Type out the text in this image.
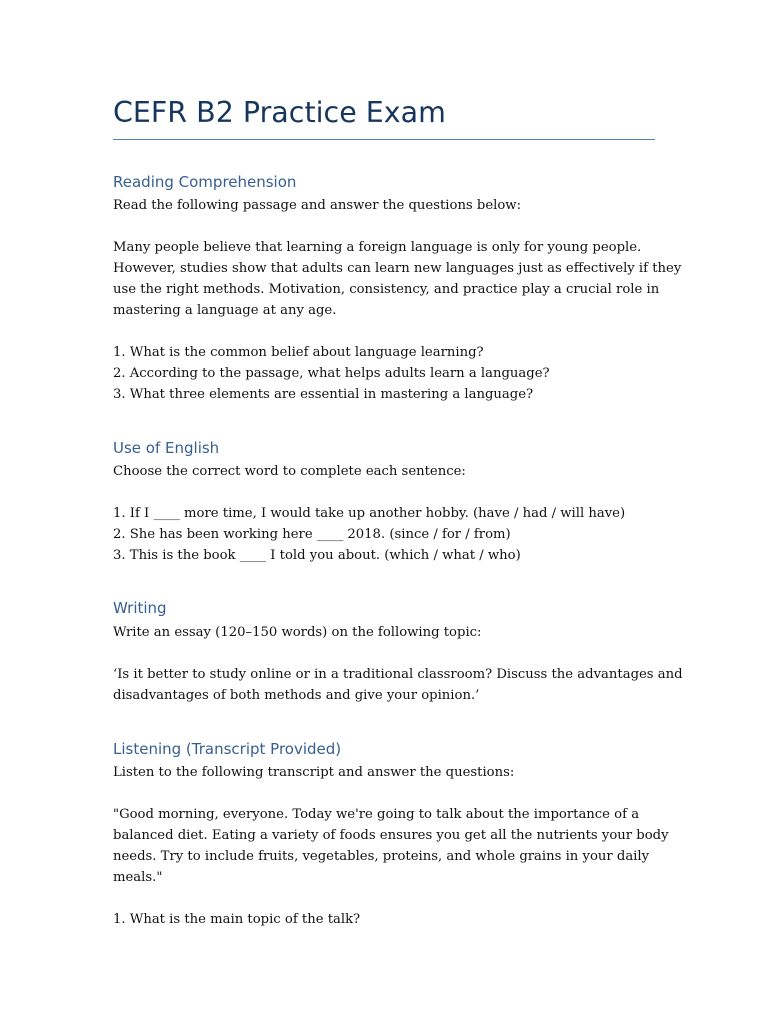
CEFR B2 Practice Exam
Reading Comprehension

Read the following passage and answer the questions below:

Many people believe that learning a foreign language is only for young people.

However, studies show that adults can learn new languages just as effectively if they

use the right methods. Motivation, consistency, and practice play a crucial role in

mastering a language at any age.

1. What is the common belief about language learning?

2. According to the passage, what helps adults learn a language?

3. What three elements are essential in mastering a language?

Use of English

Choose the correct word to complete each sentence:

1. If I ____ more time, I would take up another hobby. (have / had / will have)

2. She has been working here ____ 2018. (since / for / from)

3. This is the book ____ I told you about. (which / what / who)

Writing

Write an essay (120–150 words) on the following topic:

‘Is it better to study online or in a traditional classroom? Discuss the advantages and

disadvantages of both methods and give your opinion.’

Listening (Transcript Provided)

Listen to the following transcript and answer the questions:

"Good morning, everyone. Today we're going to talk about the importance of a

balanced diet. Eating a variety of foods ensures you get all the nutrients your body

needs. Try to include fruits, vegetables, proteins, and whole grains in your daily

meals."

1. What is the main topic of the talk?
